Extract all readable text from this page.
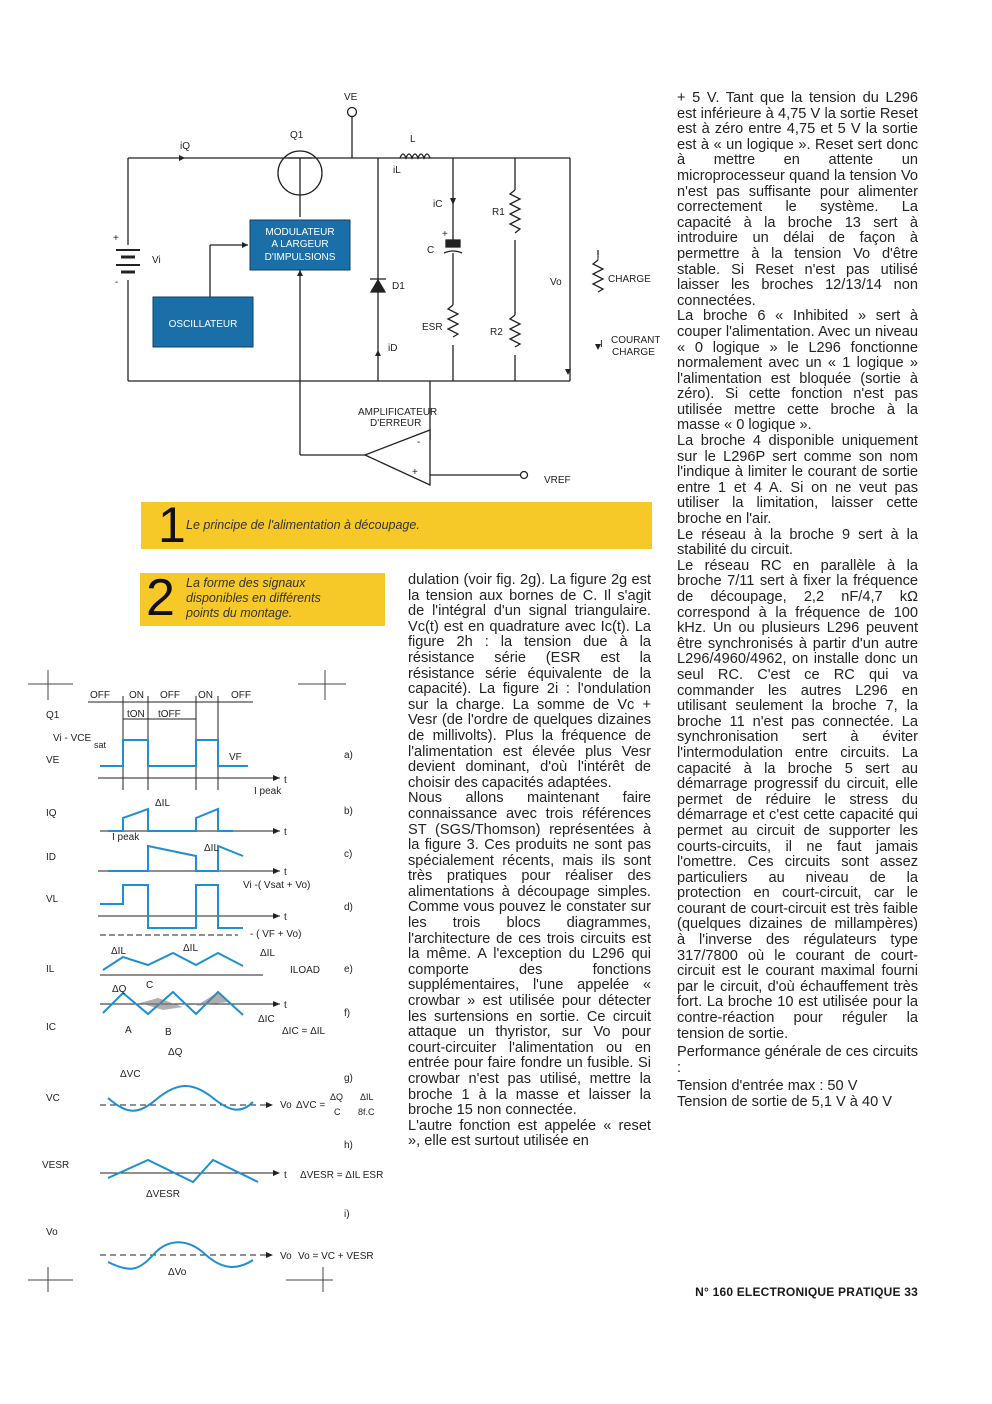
VE
iQ
Q1	L
iL
iC
R1
+
C
+
-
Vi
D1
iD
ESR	R2
Vo	CHARGE
I COURANT
CHARGE
AMPLIFICATEUR
D'ERREUR
-
+
VREF
MODULATEUR
A LARGEUR
D'IMPULSIONS
OSCILLATEUR
1 Le principe de l'alimentation à découpage.
2 La forme des signaux
disponibles en différents
points du montage.
OFF ON OFF ON OFF
tON tOFF
Q1
Vi - VCE
sat
VF
VE
t
I peak
a)
ΔIL
IQ
t
b)
I peak
ΔIL
ID
t
c)
Vi -( Vsat + Vo)
VL
t
- ( VF + Vo)
d)
ΔIL	ΔIL	ΔIL
IL	ILOAD e)
t
ΔQ C
IC	A	B
ΔQ
ΔIC
ΔIC = ΔIL
f)
g)
ΔVC
VC
Vo ΔVC =
ΔQ
C
ΔIL
8f.C
h)
VESR
t ΔVESR = ΔIL ESR
ΔVESR
i)
Vo
Vo Vo = VC + VESR
ΔVo

dulation (voir fig. 2g). La figure 2g est la tension aux bornes de C. Il s'agit de l'intégral d'un signal triangulaire. Vc(t) est en quadrature avec Ic(t). La figure 2h : la tension due à la résistance série (ESR est la résistance série équivalente de la capacité). La figure 2i : l'ondulation sur la charge. La somme de Vc + Vesr (de l'ordre de quelques dizaines de millivolts). Plus la fréquence de l'alimentation est élevée plus Vesr devient dominant, d'où l'intérêt de choisir des capacités adaptées.

Nous allons maintenant faire connaissance avec trois références ST (SGS/Thomson) représentées à la figure 3. Ces produits ne sont pas spécialement récents, mais ils sont très pratiques pour réaliser des alimentations à découpage simples. Comme vous pouvez le constater sur les trois blocs diagrammes, l'architecture de ces trois circuits est la même. A l'exception du L296 qui comporte des fonctions supplémentaires, l'une appelée « crowbar » est utilisée pour détecter les surtensions en sortie. Ce circuit attaque un thyristor, sur Vo pour court-circuiter l'alimentation ou en entrée pour faire fondre un fusible. Si crowbar n'est pas utilisé, mettre la broche 1 à la masse et laisser la broche 15 non connectée.

L'autre fonction est appelée « reset », elle est surtout utilisée en

+ 5 V. Tant que la tension du L296 est inférieure à 4,75 V la sortie Reset est à zéro entre 4,75 et 5 V la sortie est à « un logique ». Reset sert donc à mettre en attente un microprocesseur quand la tension Vo n'est pas suffisante pour alimenter correctement le système. La capacité à la broche 13 sert à introduire un délai de façon à permettre à la tension Vo d'être stable. Si Reset n'est pas utilisé laisser les broches 12/13/14 non connectées.

La broche 6 « Inhibited » sert à couper l'alimentation. Avec un niveau « 0 logique » le L296 fonctionne normalement avec un « 1 logique » l'alimentation est bloquée (sortie à zéro). Si cette fonction n'est pas utilisée mettre cette broche à la masse « 0 logique ».

La broche 4 disponible uniquement sur le L296P sert comme son nom l'indique à limiter le courant de sortie entre 1 et 4 A. Si on ne veut pas utiliser la limitation, laisser cette broche en l'air.

Le réseau à la broche 9 sert à la stabilité du circuit.

Le réseau RC en parallèle à la broche 7/11 sert à fixer la fréquence de découpage, 2,2 nF/4,7 kΩ correspond à la fréquence de 100 kHz. Un ou plusieurs L296 peuvent être synchronisés à partir d'un autre L296/4960/4962, on installe donc un seul RC. C'est ce RC qui va commander les autres L296 en utilisant seulement la broche 7, la broche 11 n'est pas connectée. La synchronisation sert à éviter l'intermodulation entre circuits. La capacité à la broche 5 sert au démarrage progressif du circuit, elle permet de réduire le stress du démarrage et c'est cette capacité qui permet au circuit de supporter les courts-circuits, il ne faut jamais l'omettre. Ces circuits sont assez particuliers au niveau de la protection en court-circuit, car le courant de court-circuit est très faible (quelques dizaines de millampères) à l'inverse des régulateurs type 317/7800 où le courant de court-circuit est le courant maximal fourni par le circuit, d'où échauffement très fort. La broche 10 est utilisée pour la contre-réaction pour réguler la tension de sortie.

Performance générale de ces circuits :

Tension d'entrée max : 50 V

Tension de sortie de 5,1 V à 40 V

N° 160 ELECTRONIQUE PRATIQUE 33
